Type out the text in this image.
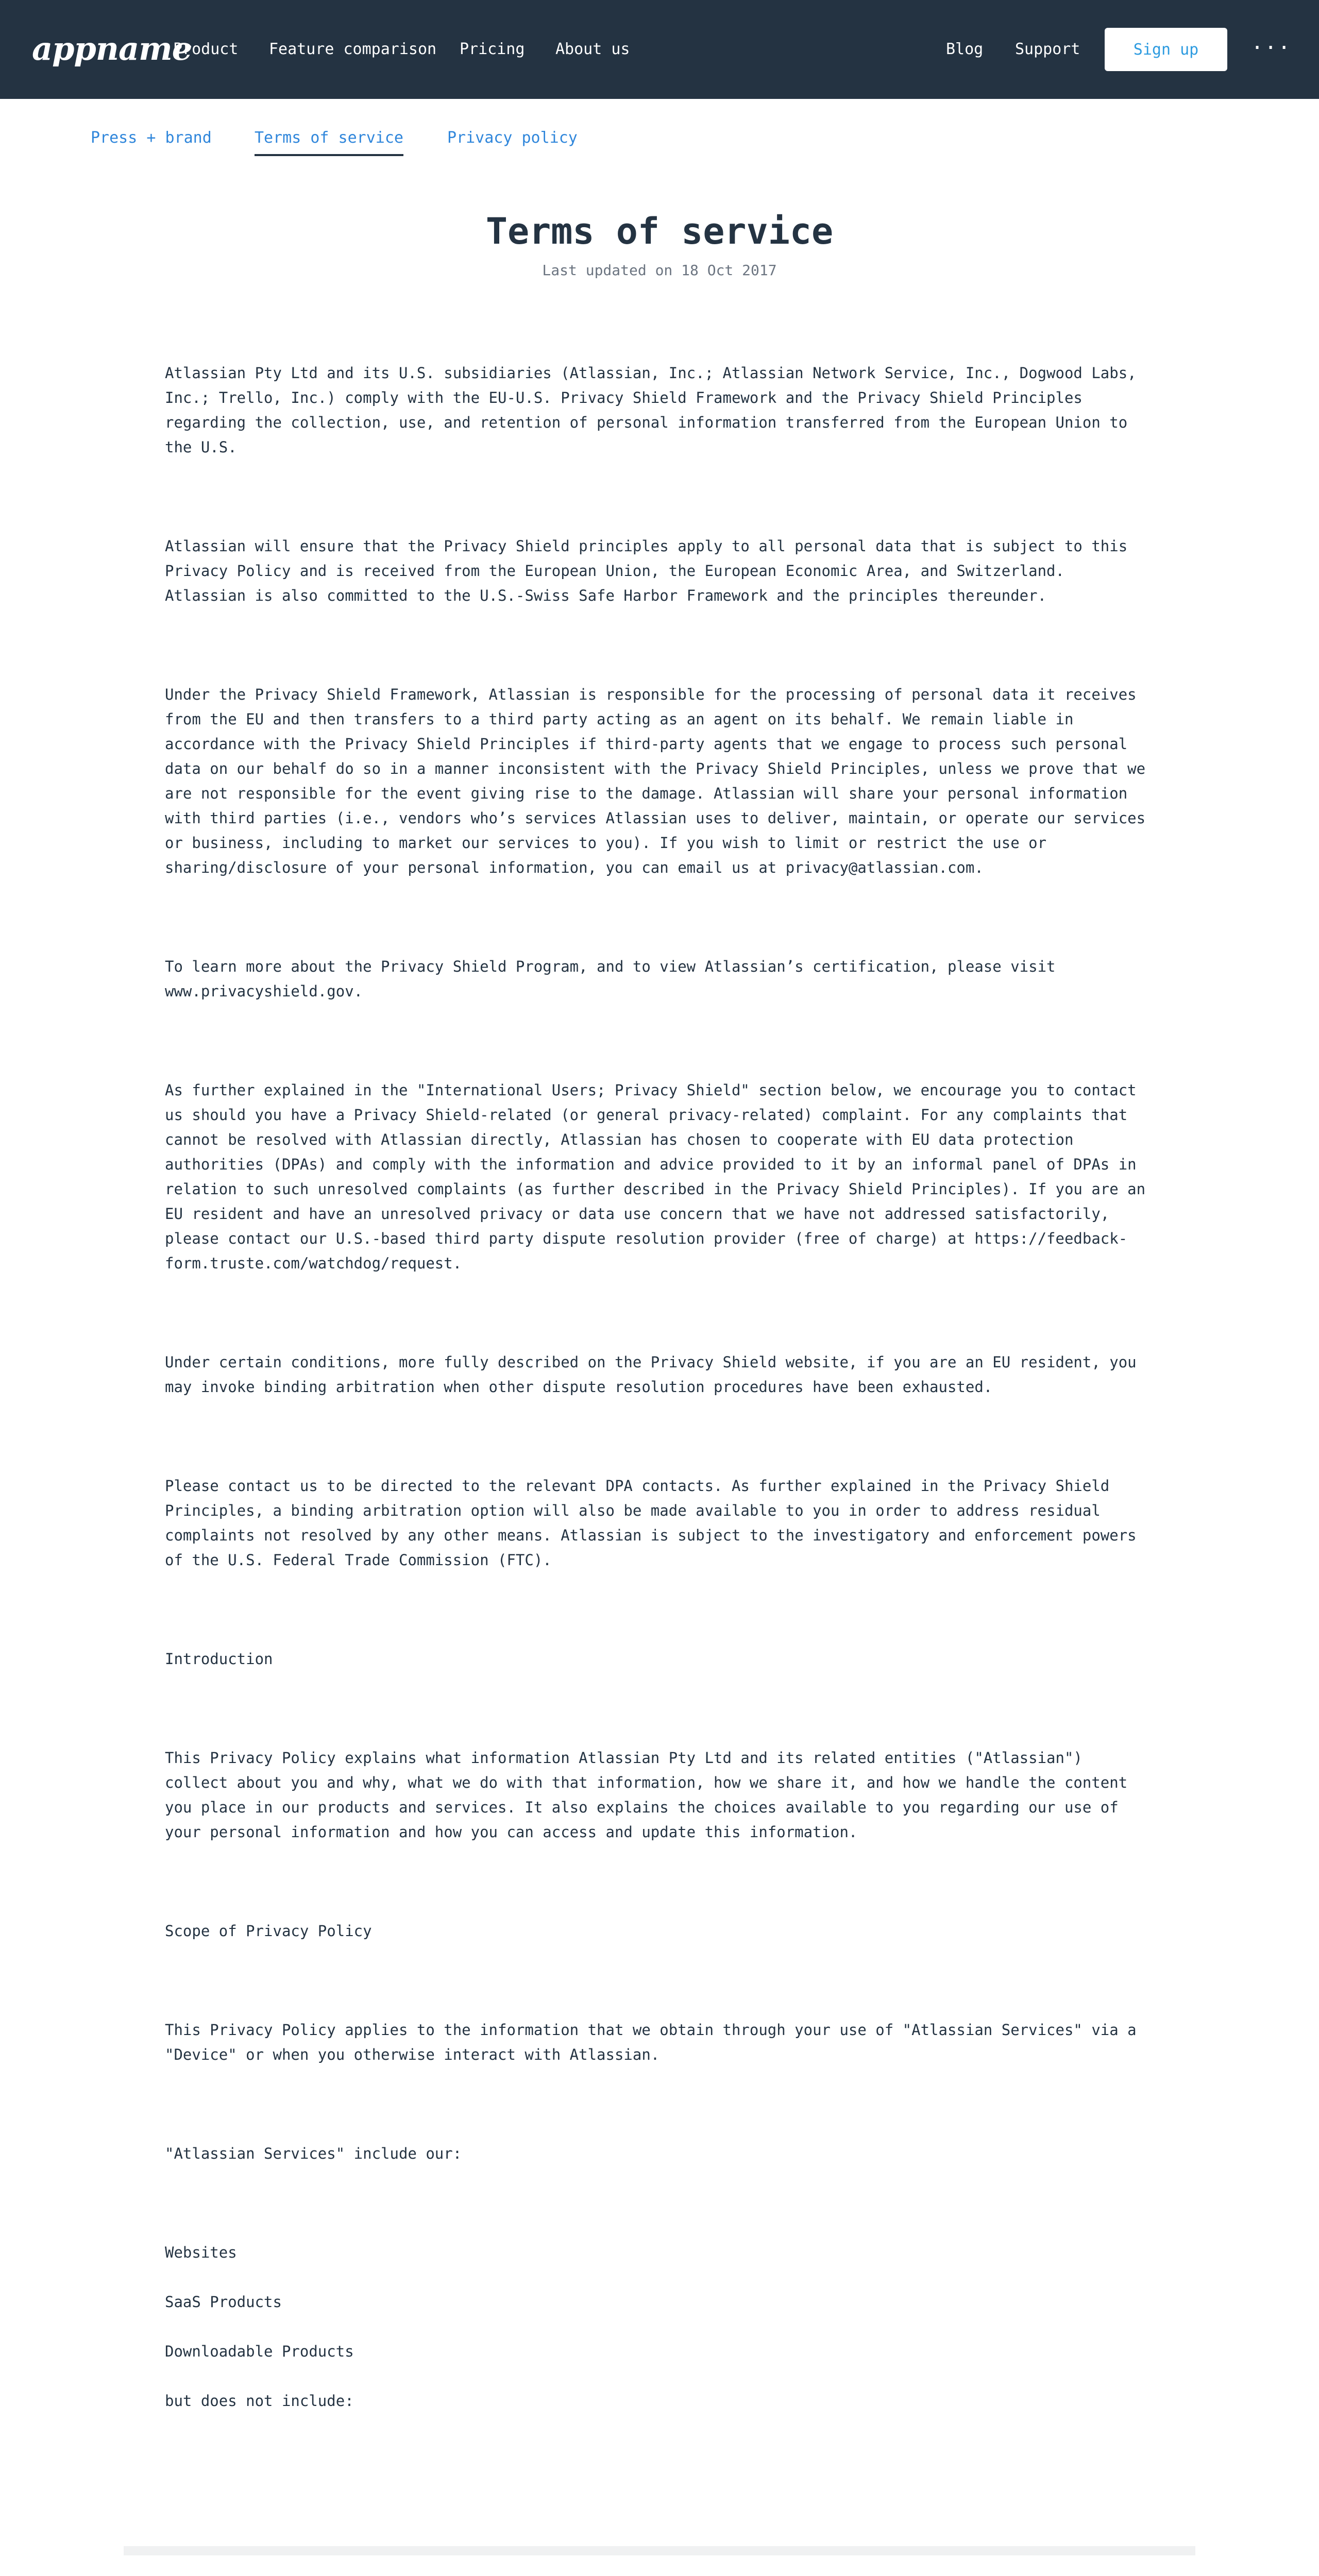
appname
Product Feature comparison Pricing About us	Blog Support	Sign up	···
Press + brand	Terms of service	Privacy policy
Terms of service
Last updated on 18 Oct 2017

Atlassian Pty Ltd and its U.S. subsidiaries (Atlassian, Inc.; Atlassian Network Service, Inc., Dogwood Labs, Inc.; Trello, Inc.) comply with the EU-U.S. Privacy Shield Framework and the Privacy Shield Principles regarding the collection, use, and retention of personal information transferred from the European Union to the U.S.

Atlassian will ensure that the Privacy Shield principles apply to all personal data that is subject to this Privacy Policy and is received from the European Union, the European Economic Area, and Switzerland. Atlassian is also committed to the U.S.-Swiss Safe Harbor Framework and the principles thereunder.

Under the Privacy Shield Framework, Atlassian is responsible for the processing of personal data it receives from the EU and then transfers to a third party acting as an agent on its behalf. We remain liable in accordance with the Privacy Shield Principles if third-party agents that we engage to process such personal data on our behalf do so in a manner inconsistent with the Privacy Shield Principles, unless we prove that we are not responsible for the event giving rise to the damage. Atlassian will share your personal information with third parties (i.e., vendors who’s services Atlassian uses to deliver, maintain, or operate our services or business, including to market our services to you). If you wish to limit or restrict the use or sharing/disclosure of your personal information, you can email us at privacy@atlassian.com.

To learn more about the Privacy Shield Program, and to view Atlassian’s certification, please visit www.privacyshield.gov.

As further explained in the "International Users; Privacy Shield" section below, we encourage you to contact us should you have a Privacy Shield-related (or general privacy-related) complaint. For any complaints that cannot be resolved with Atlassian directly, Atlassian has chosen to cooperate with EU data protection authorities (DPAs) and comply with the information and advice provided to it by an informal panel of DPAs in relation to such unresolved complaints (as further described in the Privacy Shield Principles). If you are an EU resident and have an unresolved privacy or data use concern that we have not addressed satisfactorily, please contact our U.S.-based third party dispute resolution provider (free of charge) at https://feedback-form.truste.com/watchdog/request.

Under certain conditions, more fully described on the Privacy Shield website, if you are an EU resident, you may invoke binding arbitration when other dispute resolution procedures have been exhausted.

Please contact us to be directed to the relevant DPA contacts. As further explained in the Privacy Shield Principles, a binding arbitration option will also be made available to you in order to address residual complaints not resolved by any other means. Atlassian is subject to the investigatory and enforcement powers of the U.S. Federal Trade Commission (FTC).

Introduction

This Privacy Policy explains what information Atlassian Pty Ltd and its related entities ("Atlassian") collect about you and why, what we do with that information, how we share it, and how we handle the content you place in our products and services. It also explains the choices available to you regarding our use of your personal information and how you can access and update this information.

Scope of Privacy Policy

This Privacy Policy applies to the information that we obtain through your use of "Atlassian Services" via a "Device" or when you otherwise interact with Atlassian.

"Atlassian Services" include our:

Websites

SaaS Products

Downloadable Products

but does not include:
